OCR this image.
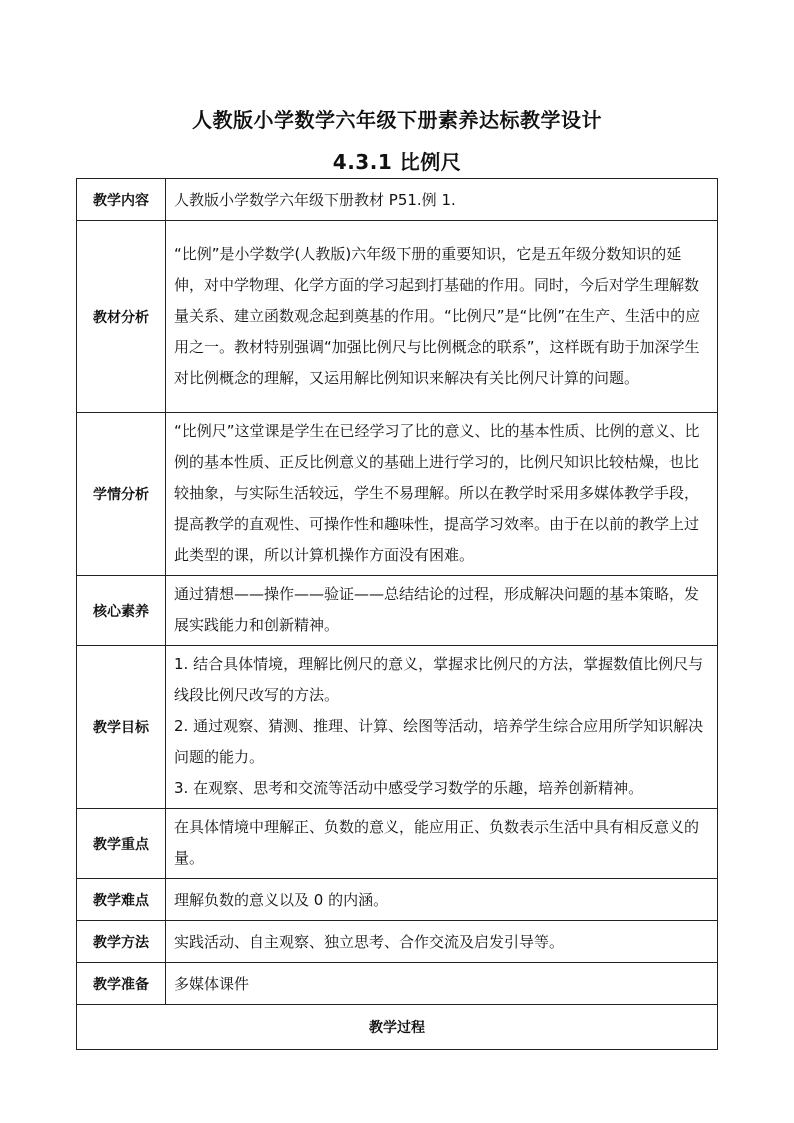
人教版小学数学六年级下册素养达标教学设计
4.3.1 比例尺
教学内容	人教版小学数学六年级下册教材 P51.例 1.
教材分析	“比例”是小学数学(人教版)六年级下册的重要知识，它是五年级分数知识的延伸，对中学物理、化学方面的学习起到打基础的作用。同时，今后对学生理解数量关系、建立函数观念起到奠基的作用。“比例尺”是“比例”在生产、生活中的应用之一。教材特别强调“加强比例尺与比例概念的联系”，这样既有助于加深学生对比例概念的理解，又运用解比例知识来解决有关比例尺计算的问题。
学情分析	“比例尺”这堂课是学生在已经学习了比的意义、比的基本性质、比例的意义、比例的基本性质、正反比例意义的基础上进行学习的，比例尺知识比较枯燥，也比较抽象，与实际生活较远，学生不易理解。所以在教学时采用多媒体教学手段，提高教学的直观性、可操作性和趣味性，提高学习效率。由于在以前的教学上过此类型的课，所以计算机操作方面没有困难。
核心素养	通过猜想——操作——验证——总结结论的过程，形成解决问题的基本策略，发展实践能力和创新精神。
教学目标	1. 结合具体情境，理解比例尺的意义，掌握求比例尺的方法，掌握数值比例尺与线段比例尺改写的方法。
2. 通过观察、猜测、推理、计算、绘图等活动，培养学生综合应用所学知识解决问题的能力。
3. 在观察、思考和交流等活动中感受学习数学的乐趣，培养创新精神。

教学重点	在具体情境中理解正、负数的意义，能应用正、负数表示生活中具有相反意义的量。
教学难点	理解负数的意义以及 0 的内涵。
教学方法	实践活动、自主观察、独立思考、合作交流及启发引导等。
教学准备	多媒体课件
教学过程	
